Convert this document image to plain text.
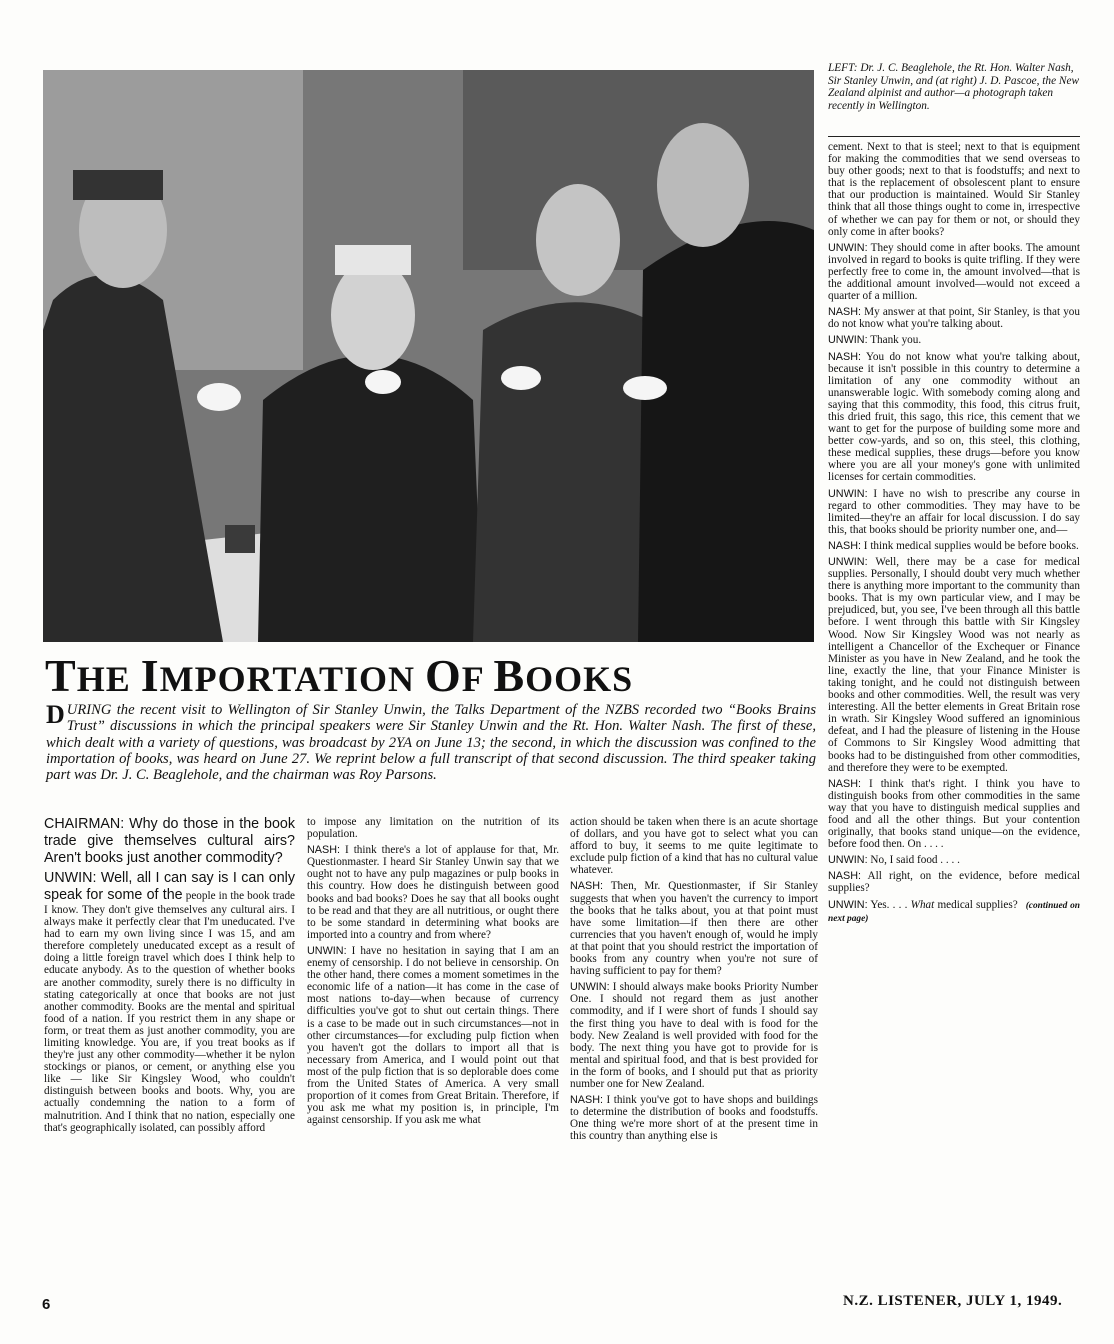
LEFT: Dr. J. C. Beaglehole, the Rt. Hon. Walter Nash, Sir Stanley Unwin, and (at right) J. D. Pascoe, the New Zealand alpinist and author—a photograph taken recently in Wellington.

cement. Next to that is steel; next to that is equipment for making the commodities that we send overseas to buy other goods; next to that is foodstuffs; and next to that is the replacement of obsolescent plant to ensure that our production is maintained. Would Sir Stanley think that all those things ought to come in, irrespective of whether we can pay for them or not, or should they only come in after books?

UNWIN: They should come in after books. The amount involved in regard to books is quite trifling. If they were perfectly free to come in, the amount involved—that is the additional amount involved—would not exceed a quarter of a million.

NASH: My answer at that point, Sir Stanley, is that you do not know what you're talking about.

UNWIN: Thank you.

NASH: You do not know what you're talking about, because it isn't possible in this country to determine a limitation of any one commodity without an unanswerable logic. With somebody coming along and saying that this commodity, this food, this citrus fruit, this dried fruit, this sago, this rice, this cement that we want to get for the purpose of building some more and better cow-yards, and so on, this steel, this clothing, these medical supplies, these drugs—before you know where you are all your money's gone with unlimited licenses for certain commodities.

UNWIN: I have no wish to prescribe any course in regard to other commodities. They may have to be limited—they're an affair for local discussion. I do say this, that books should be priority number one, and—

NASH: I think medical supplies would be before books.

UNWIN: Well, there may be a case for medical supplies. Personally, I should doubt very much whether there is anything more important to the community than books. That is my own particular view, and I may be prejudiced, but, you see, I've been through all this battle before. I went through this battle with Sir Kingsley Wood. Now Sir Kingsley Wood was not nearly as intelligent a Chancellor of the Exchequer or Finance Minister as you have in New Zealand, and he took the line, exactly the line, that your Finance Minister is taking tonight, and he could not distinguish between books and other commodities. Well, the result was very interesting. All the better elements in Great Britain rose in wrath. Sir Kingsley Wood suffered an ignominious defeat, and I had the pleasure of listening in the House of Commons to Sir Kingsley Wood admitting that books had to be distinguished from other commodities, and therefore they were to be exempted.

NASH: I think that's right. I think you have to distinguish books from other commodities in the same way that you have to distinguish medical supplies and food and all the other things. But your contention originally, that books stand unique—on the evidence, before food then. On . . . .

UNWIN: No, I said food . . . .

NASH: All right, on the evidence, before medical supplies?

UNWIN: Yes. . . . What medical supplies? (continued on next page)

THE IMPORTATION OF BOOKS
DURING the recent visit to Wellington of Sir Stanley Unwin, the Talks Department of the NZBS recorded two “Books Brains Trust” discussions in which the principal speakers were Sir Stanley Unwin and the Rt. Hon. Walter Nash. The first of these, which dealt with a variety of questions, was broadcast by 2YA on June 13; the second, in which the discussion was confined to the importation of books, was heard on June 27. We reprint below a full transcript of that second discussion. The third speaker taking part was Dr. J. C. Beaglehole, and the chairman was Roy Parsons.

CHAIRMAN: Why do those in the book trade give themselves cultural airs? Aren't books just another commodity?

UNWIN: Well, all I can say is I can only speak for some of the people in the book trade I know. They don't give themselves any cultural airs. I always make it perfectly clear that I'm uneducated. I've had to earn my own living since I was 15, and am therefore completely uneducated except as a result of doing a little foreign travel which does I think help to educate anybody. As to the question of whether books are another commodity, surely there is no difficulty in stating categorically at once that books are not just another commodity. Books are the mental and spiritual food of a nation. If you restrict them in any shape or form, or treat them as just another commodity, you are limiting knowledge. You are, if you treat books as if they're just any other commodity—whether it be nylon stockings or pianos, or cement, or anything else you like — like Sir Kingsley Wood, who couldn't distinguish between books and boots. Why, you are actually condemning the nation to a form of malnutrition. And I think that no nation, especially one that's geographically isolated, can possibly afford

to impose any limitation on the nutrition of its population.

NASH: I think there's a lot of applause for that, Mr. Questionmaster. I heard Sir Stanley Unwin say that we ought not to have any pulp magazines or pulp books in this country. How does he distinguish between good books and bad books? Does he say that all books ought to be read and that they are all nutritious, or ought there to be some standard in determining what books are imported into a country and from where?

UNWIN: I have no hesitation in saying that I am an enemy of censorship. I do not believe in censorship. On the other hand, there comes a moment sometimes in the economic life of a nation—it has come in the case of most nations to-day—when because of currency difficulties you've got to shut out certain things. There is a case to be made out in such circumstances—not in other circumstances—for excluding pulp fiction when you haven't got the dollars to import all that is necessary from America, and I would point out that most of the pulp fiction that is so deplorable does come from the United States of America. A very small proportion of it comes from Great Britain. Therefore, if you ask me what my position is, in principle, I'm against censorship. If you ask me what

action should be taken when there is an acute shortage of dollars, and you have got to select what you can afford to buy, it seems to me quite legitimate to exclude pulp fiction of a kind that has no cultural value whatever.

NASH: Then, Mr. Questionmaster, if Sir Stanley suggests that when you haven't the currency to import the books that he talks about, you at that point must have some limitation—if then there are other currencies that you haven't enough of, would he imply at that point that you should restrict the importation of books from any country when you're not sure of having sufficient to pay for them?

UNWIN: I should always make books Priority Number One. I should not regard them as just another commodity, and if I were short of funds I should say the first thing you have to deal with is food for the body. New Zealand is well provided with food for the body. The next thing you have got to provide for is mental and spiritual food, and that is best provided for in the form of books, and I should put that as priority number one for New Zealand.

NASH: I think you've got to have shops and buildings to determine the distribution of books and foodstuffs. One thing we're more short of at the present time in this country than anything else is

6	N.Z. LISTENER, JULY 1, 1949.
